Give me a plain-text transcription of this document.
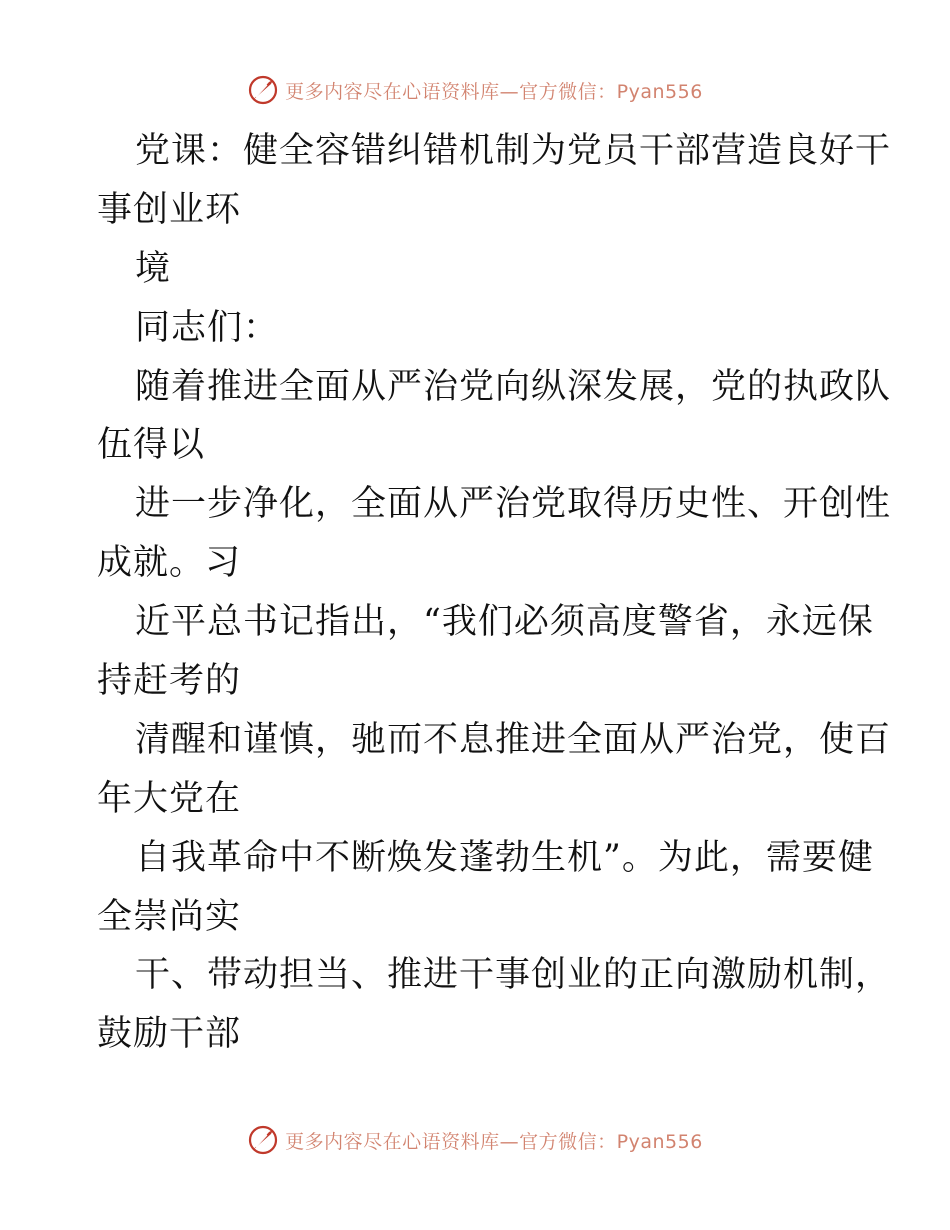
更多内容尽在心语资料库—官方微信：Pyan556
党课：健全容错纠错机制为党员干部营造良好干
事创业环
境
同志们：
随着推进全面从严治党向纵深发展，党的执政队
伍得以
进一步净化，全面从严治党取得历史性、开创性
成就。习
近平总书记指出，“我们必须高度警省，永远保
持赶考的
清醒和谨慎，驰而不息推进全面从严治党，使百
年大党在
自我革命中不断焕发蓬勃生机”。为此，需要健
全崇尚实
干、带动担当、推进干事创业的正向激励机制，
鼓励干部
更多内容尽在心语资料库—官方微信：Pyan556
